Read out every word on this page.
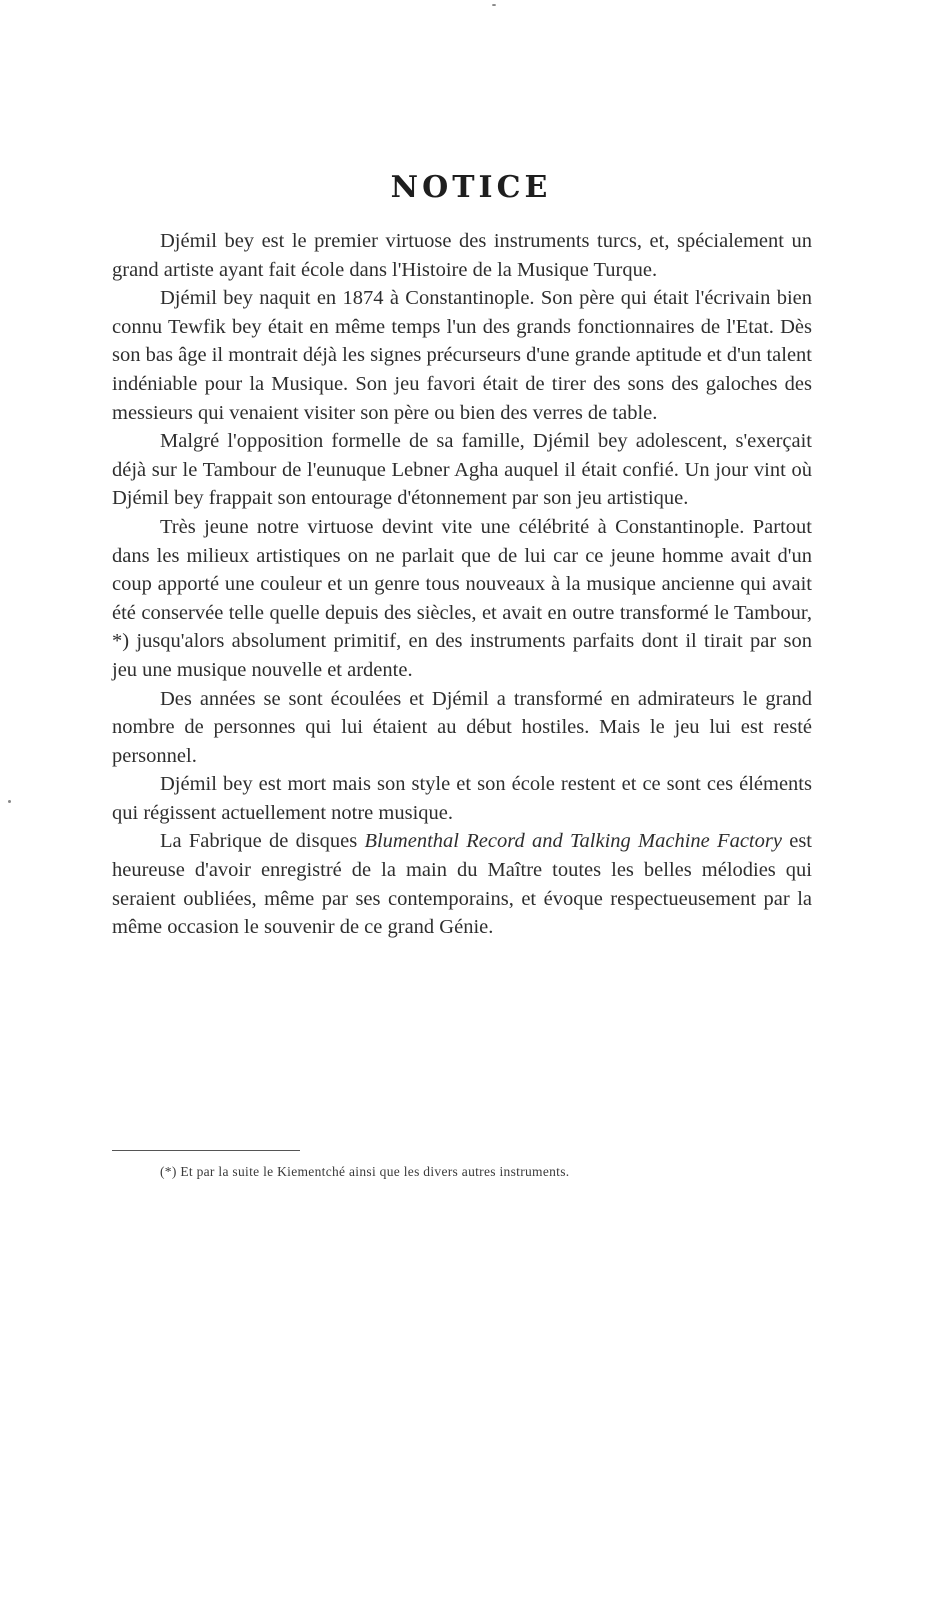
NOTICE

Djémil bey est le premier virtuose des instruments turcs, et, spécialement un grand artiste ayant fait école dans l'Histoire de la Musique Turque.

Djémil bey naquit en 1874 à Constantinople. Son père qui était l'écrivain bien connu Tewfik bey était en même temps l'un des grands fonctionnaires de l'Etat. Dès son bas âge il montrait déjà les signes précurseurs d'une grande aptitude et d'un talent indéniable pour la Musique. Son jeu favori était de tirer des sons des galoches des messieurs qui venaient visiter son père ou bien des verres de table.

Malgré l'opposition formelle de sa famille, Djémil bey adolescent, s'exerçait déjà sur le Tambour de l'eunuque Lebner Agha auquel il était confié. Un jour vint où Djémil bey frappait son entourage d'étonnement par son jeu artistique.

Très jeune notre virtuose devint vite une célébrité à Constantinople. Partout dans les milieux artistiques on ne parlait que de lui car ce jeune homme avait d'un coup apporté une couleur et un genre tous nouveaux à la musique ancienne qui avait été conservée telle quelle depuis des siècles, et avait en outre transformé le Tambour, *) jusqu'alors absolument primitif, en des instruments parfaits dont il tirait par son jeu une musique nouvelle et ardente.

Des années se sont écoulées et Djémil a transformé en admirateurs le grand nombre de personnes qui lui étaient au début hostiles. Mais le jeu lui est resté personnel.

Djémil bey est mort mais son style et son école restent et ce sont ces éléments qui régissent actuellement notre musique.

La Fabrique de disques Blumenthal Record and Talking Machine Factory est heureuse d'avoir enregistré de la main du Maître toutes les belles mélodies qui seraient oubliées, même par ses contemporains, et évoque respectueusement par la même occasion le souvenir de ce grand Génie.

(*) Et par la suite le Kiementché ainsi que les divers autres instruments.
